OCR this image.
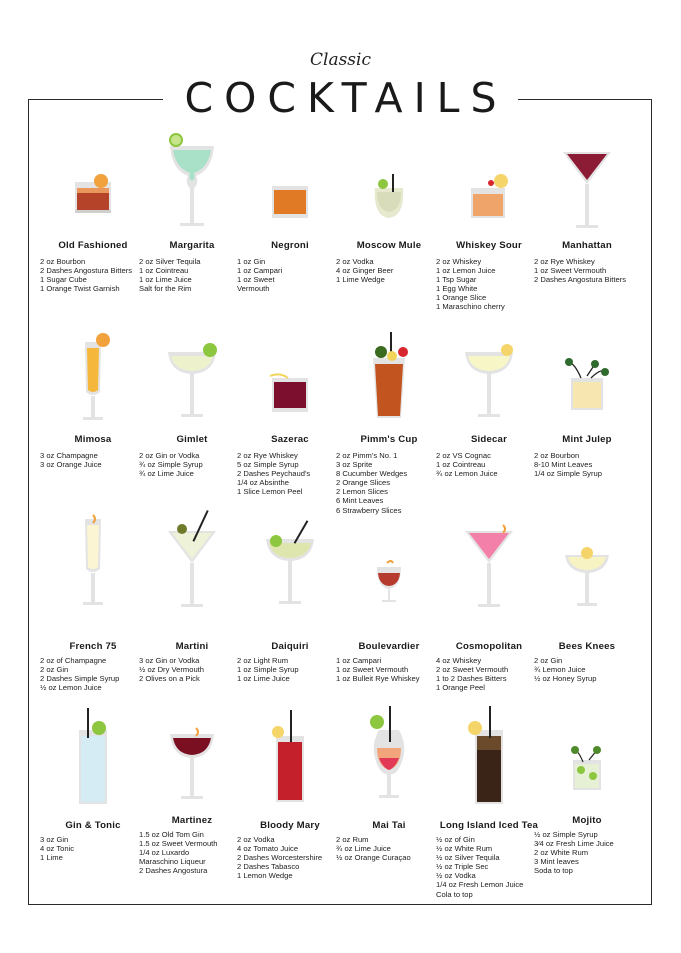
Classic
COCKTAILS
Old Fashioned
2 oz Bourbon
2 Dashes Angostura Bitters
1 Sugar Cube
1 Orange Twist Garnish
Margarita
2 oz Silver Tequila
1 oz Cointreau
1 oz Lime Juice
Salt for the Rim
Negroni
1 oz Gin
1 oz Campari
1 oz Sweet
Vermouth
Moscow Mule
2 oz Vodka
4 oz Ginger Beer
1 Lime Wedge
Whiskey Sour
2 oz Whiskey
1 oz Lemon Juice
1 Tsp Sugar
1 Egg White
1 Orange Slice
1 Maraschino cherry
Manhattan
2 oz Rye Whiskey
1 oz Sweet Vermouth
2 Dashes Angostura Bitters
Mimosa
3 oz Champagne
3 oz Orange Juice
Gimlet
2 oz Gin or Vodka
¾ oz Simple Syrup
¾ oz Lime Juice
Sazerac
2 oz Rye Whiskey
5 oz Simple Syrup
2 Dashes Peychaud's
1/4 oz Absinthe
1 Slice Lemon Peel
Pimm's Cup
2 oz Pimm's No. 1
3 oz Sprite
8 Cucumber Wedges
2 Orange Slices
2 Lemon Slices
6 Mint Leaves
6 Strawberry Slices
Sidecar
2 oz VS Cognac
1 oz Cointreau
¾ oz Lemon Juice
Mint Julep
2 oz Bourbon
8-10 Mint Leaves
1/4 oz Simple Syrup
French 75
2 oz of Champagne
2 oz Gin
2 Dashes Simple Syrup
½ oz Lemon Juice
Martini
3 oz Gin or Vodka
½ oz Dry Vermouth
2 Olives on a Pick
Daiquiri
2 oz Light Rum
1 oz Simple Syrup
1 oz Lime Juice
Boulevardier
1 oz Campari
1 oz Sweet Vermouth
1 oz Bulleit Rye Whiskey
Cosmopolitan
4 oz Whiskey
2 oz Sweet Vermouth
1 to 2 Dashes Bitters
1 Orange Peel
Bees Knees
2 oz Gin
¾ Lemon Juice
½ oz Honey Syrup
Gin & Tonic
3 oz Gin
4 oz Tonic
1 Lime
Martinez
1.5 oz Old Tom Gin
1.5 oz Sweet Vermouth
1/4 oz Luxardo
Maraschino Liqueur
2 Dashes Angostura
Bloody Mary
2 oz Vodka
4 oz Tomato Juice
2 Dashes Worcestershire
2 Dashes Tabasco
1 Lemon Wedge
Mai Tai
2 oz Rum
¾ oz Lime Juice
½ oz Orange Curaçao
Long Island Iced Tea
½ oz of Gin
½ oz White Rum
½ oz Silver Tequila
½ oz Triple Sec
½ oz Vodka
1/4 oz Fresh Lemon Juice
Cola to top
Mojito
½ oz Simple Syrup
3⁄4 oz Fresh Lime Juice
2 oz White Rum
3 Mint leaves
Soda to top
